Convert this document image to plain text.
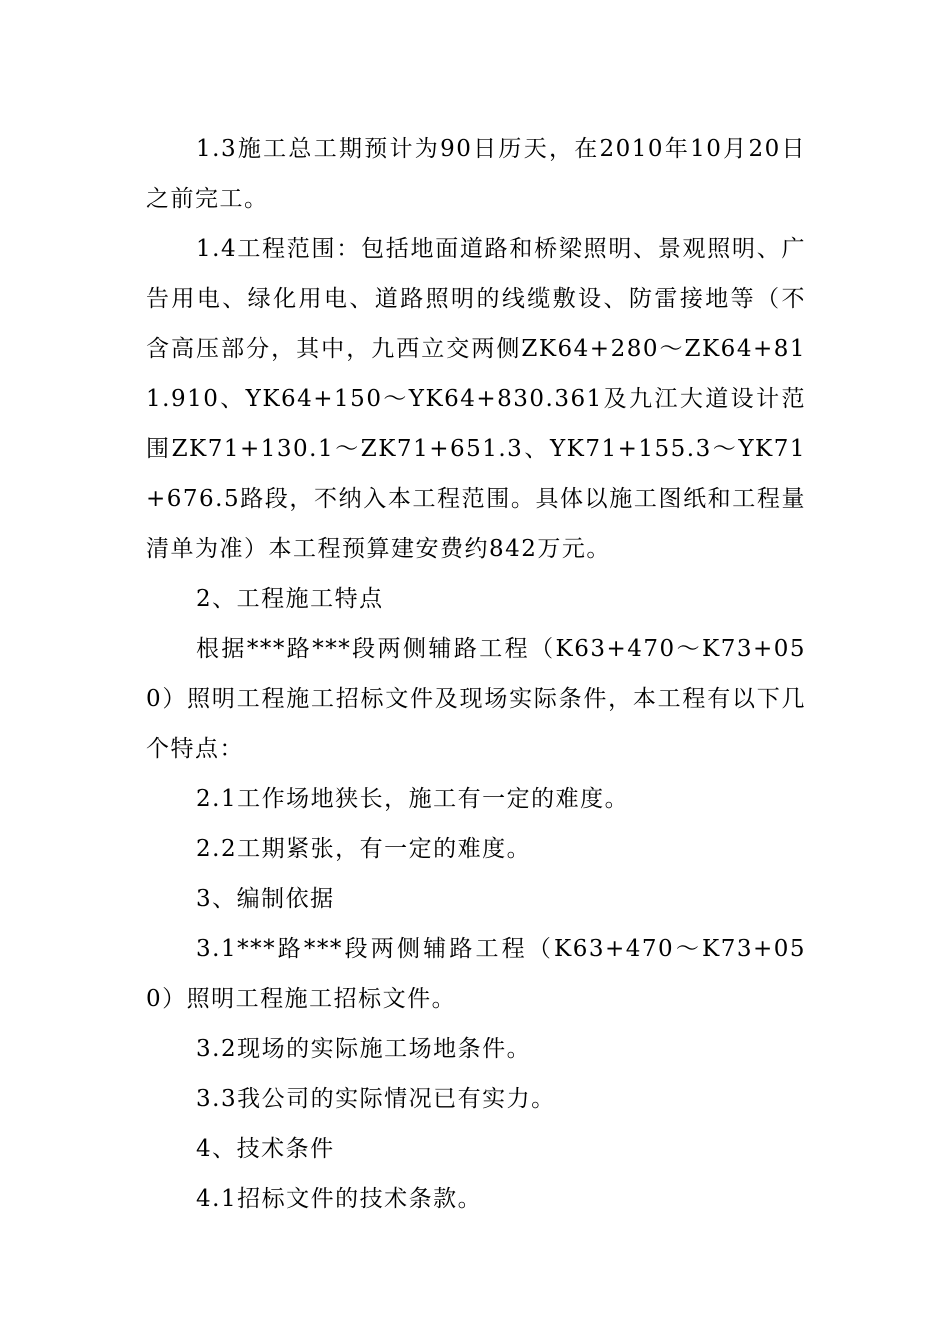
1.3施工总工期预计为90日历天，在2010年10月20日之前完工。

1.4工程范围：包括地面道路和桥梁照明、景观照明、广告用电、绿化用电、道路照明的线缆敷设、防雷接地等（不含高压部分，其中，九西立交两侧ZK64+280～ZK64+811.910、YK64+150～YK64+830.361及九江大道设计范围ZK71+130.1～ZK71+651.3、YK71+155.3～YK71+676.5路段，不纳入本工程范围。具体以施工图纸和工程量清单为准）本工程预算建安费约842万元。

2、工程施工特点

根据***路***段两侧辅路工程（K63+470～K73+050）照明工程施工招标文件及现场实际条件，本工程有以下几个特点：

2.1工作场地狭长，施工有一定的难度。

2.2工期紧张，有一定的难度。

3、编制依据

3.1***路***段两侧辅路工程（K63+470～K73+050）照明工程施工招标文件。

3.2现场的实际施工场地条件。

3.3我公司的实际情况已有实力。

4、技术条件

4.1招标文件的技术条款。
